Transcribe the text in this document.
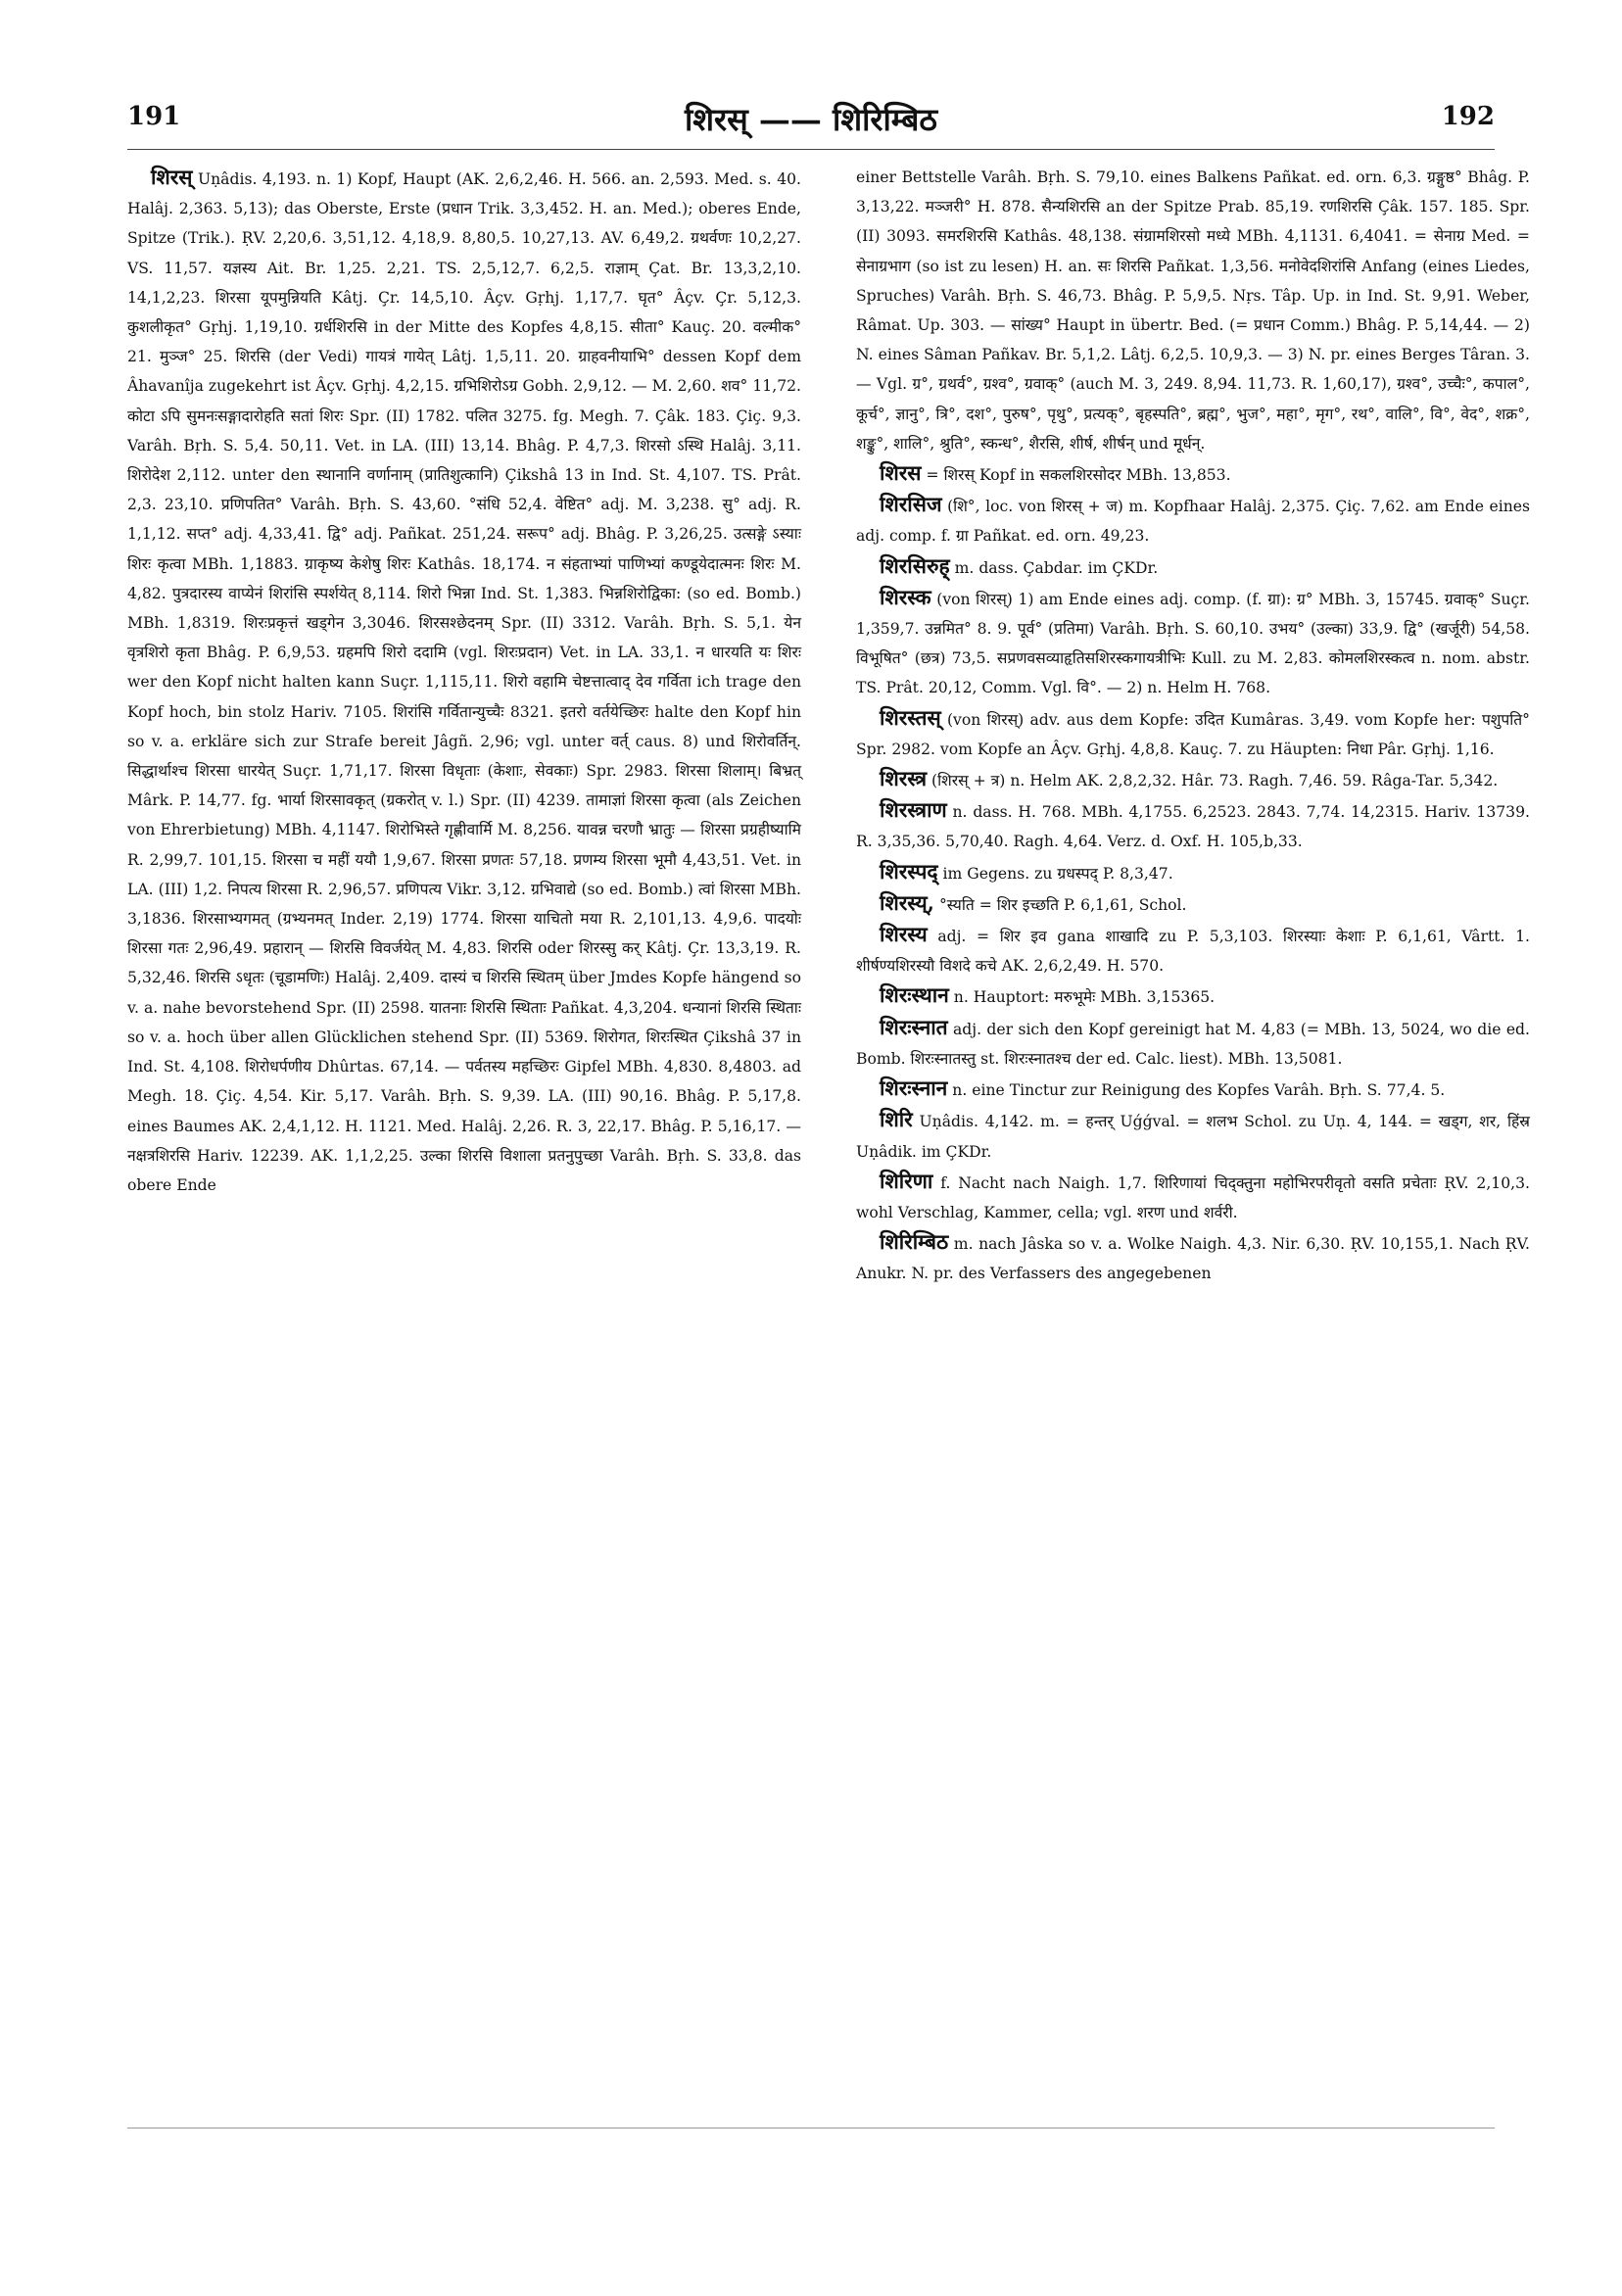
191	शिरस् —— शिरिम्बिठ	192

शिरस् Uṇâdis. 4,193. n. 1) Kopf, Haupt (AK. 2,6,2,46. H. 566. an. 2,593. Med. s. 40. Halâj. 2,363. 5,13); das Oberste, Erste (प्रधान Trik. 3,3,452. H. an. Med.); oberes Ende, Spitze (Trik.). ṚV. 2,20,6. 3,51,12. 4,18,9. 8,80,5. 10,27,13. AV. 6,49,2. ग्रथर्वणः 10,2,27. VS. 11,57. यज्ञस्य Ait. Br. 1,25. 2,21. TS. 2,5,12,7. 6,2,5. राज्ञाम् Çat. Br. 13,3,2,10. 14,1,2,23. शिरसा यूपमुन्नियति Kâtj. Çr. 14,5,10. Âçv. Gṛhj. 1,17,7. घृत° Âçv. Çr. 5,12,3. कुशलीकृत° Gṛhj. 1,19,10. ग्रर्धशिरसि in der Mitte des Kopfes 4,8,15. सीता° Kauç. 20. वल्मीक° 21. मुञ्ज° 25. शिरसि (der Vedi) गायत्रं गायेत् Lâtj. 1,5,11. 20. ग्राहवनीयाभि° dessen Kopf dem Âhavanîja zugekehrt ist Âçv. Gṛhj. 4,2,15. ग्रभिशिरोऽग्र Gobh. 2,9,12. — M. 2,60. शव° 11,72. कोटा ऽपि सुमनःसङ्गादारोहति सतां शिरः Spr. (II) 1782. पलित 3275. fg. Megh. 7. Çâk. 183. Çiç. 9,3. Varâh. Bṛh. S. 5,4. 50,11. Vet. in LA. (III) 13,14. Bhâg. P. 4,7,3. शिरसो ऽस्थि Halâj. 3,11. शिरोदेश 2,112. unter den स्थानानि वर्णानाम् (प्रातिशुत्कानि) Çikshâ 13 in Ind. St. 4,107. TS. Prât. 2,3. 23,10. प्रणिपतित° Varâh. Bṛh. S. 43,60. °संधि 52,4. वेष्टित° adj. M. 3,238. सु° adj. R. 1,1,12. सप्त° adj. 4,33,41. द्वि° adj. Pañkat. 251,24. सरूप° adj. Bhâg. P. 3,26,25. उत्सङ्गे ऽस्याः शिरः कृत्वा MBh. 1,1883. ग्राकृष्य केशेषु शिरः Kathâs. 18,174. न संहताभ्यां पाणिभ्यां कण्डूयेदात्मनः शिरः M. 4,82. पुत्रदारस्य वाप्येनं शिरांसि स्पर्शयेत् 8,114. शिरो भिन्ना Ind. St. 1,383. भिन्नशिरोद्विका: (so ed. Bomb.) MBh. 1,8319. शिरःप्रकृत्तं खड्गेन 3,3046. शिरसश्छेदनम् Spr. (II) 3312. Varâh. Bṛh. S. 5,1. येन वृत्रशिरो कृता Bhâg. P. 6,9,53. ग्रहमपि शिरो ददामि (vgl. शिरःप्रदान) Vet. in LA. 33,1. न धारयति यः शिरः wer den Kopf nicht halten kann Suçr. 1,115,11. शिरो वहामि चेष्टत्तात्वाद् देव गर्विता ich trage den Kopf hoch, bin stolz Hariv. 7105. शिरांसि गर्वितान्युच्चैः 8321. इतरो वर्तयेच्छिरः halte den Kopf hin so v. a. erkläre sich zur Strafe bereit Jâgñ. 2,96; vgl. unter वर्त् caus. 8) und शिरोवर्तिन्. सिद्धार्थाश्च शिरसा धारयेत् Suçr. 1,71,17. शिरसा विधृताः (केशाः, सेवकाः) Spr. 2983. शिरसा शिलाम्। बिभ्रत् Mârk. P. 14,77. fg. भार्या शिरसावकृत् (ग्रकरोत् v. l.) Spr. (II) 4239. तामाज्ञां शिरसा कृत्वा (als Zeichen von Ehrerbietung) MBh. 4,1147. शिरोभिस्ते गृह्णीवार्मि M. 8,256. यावन्न चरणौ भ्रातुः — शिरसा प्रग्रहीष्यामि R. 2,99,7. 101,15. शिरसा च महीं ययौ 1,9,67. शिरसा प्रणतः 57,18. प्रणम्य शिरसा भूमौ 4,43,51. Vet. in LA. (III) 1,2. निपत्य शिरसा R. 2,96,57. प्रणिपत्य Vikr. 3,12. ग्रभिवाद्ये (so ed. Bomb.) त्वां शिरसा MBh. 3,1836. शिरसाभ्यगमत् (ग्रभ्यनमत् Inder. 2,19) 1774. शिरसा याचितो मया R. 2,101,13. 4,9,6. पादयोः शिरसा गतः 2,96,49. प्रहारान् — शिरसि विवर्जयेत् M. 4,83. शिरसि oder शिरस्सु कर् Kâtj. Çr. 13,3,19. R. 5,32,46. शिरसि ऽधृतः (चूडामणिः) Halâj. 2,409. दास्यं च शिरसि स्थितम् über Jmdes Kopfe hängend so v. a. nahe bevorstehend Spr. (II) 2598. यातनाः शिरसि स्थिताः Pañkat. 4,3,204. धन्यानां शिरसि स्थिताः so v. a. hoch über allen Glücklichen stehend Spr. (II) 5369. शिरोगत, शिरःस्थित Çikshâ 37 in Ind. St. 4,108. शिरोधर्पणीय Dhûrtas. 67,14. — पर्वतस्य महच्छिरः Gipfel MBh. 4,830. 8,4803. ad Megh. 18. Çiç. 4,54. Kir. 5,17. Varâh. Bṛh. S. 9,39. LA. (III) 90,16. Bhâg. P. 5,17,8. eines Baumes AK. 2,4,1,12. H. 1121. Med. Halâj. 2,26. R. 3, 22,17. Bhâg. P. 5,16,17. — नक्षत्रशिरसि Hariv. 12239. AK. 1,1,2,25. उल्का शिरसि विशाला प्रतनुपुच्छा Varâh. Bṛh. S. 33,8. das obere Ende

einer Bettstelle Varâh. Bṛh. S. 79,10. eines Balkens Pañkat. ed. orn. 6,3. ग्रङ्गुष्ठ° Bhâg. P. 3,13,22. मञ्जरी° H. 878. सैन्यशिरसि an der Spitze Prab. 85,19. रणशिरसि Çâk. 157. 185. Spr. (II) 3093. समरशिरसि Kathâs. 48,138. संग्रामशिरसो मध्ये MBh. 4,1131. 6,4041. = सेनाग्र Med. = सेनाग्रभाग (so ist zu lesen) H. an. सः शिरसि Pañkat. 1,3,56. मनोवेदशिरांसि Anfang (eines Liedes, Spruches) Varâh. Bṛh. S. 46,73. Bhâg. P. 5,9,5. Nṛs. Tâp. Up. in Ind. St. 9,91. Weber, Râmat. Up. 303. — सांख्य° Haupt in übertr. Bed. (= प्रधान Comm.) Bhâg. P. 5,14,44. — 2) N. eines Sâman Pañkav. Br. 5,1,2. Lâtj. 6,2,5. 10,9,3. — 3) N. pr. eines Berges Târan. 3. — Vgl. ग्र°, ग्रथर्व°, ग्रश्व°, ग्रवाक्° (auch M. 3, 249. 8,94. 11,73. R. 1,60,17), ग्रश्व°, उच्चैः°, कपाल°, कूर्च°, ज्ञानु°, त्रि°, दश°, पुरुष°, पृथु°, प्रत्यक्°, बृहस्पति°, ब्रह्म°, भुज°, महा°, मृग°, रथ°, वालि°, वि°, वेद°, शक्र°, शङ्कु°, शालि°, श्रुति°, स्कन्ध°, शैरसि, शीर्ष, शीर्षन् und मूर्धन्.

शिरस = शिरस् Kopf in सकलशिरसोदर MBh. 13,853.

शिरसिज (शि°, loc. von शिरस् + ज) m. Kopfhaar Halâj. 2,375. Çiç. 7,62. am Ende eines adj. comp. f. ग्रा Pañkat. ed. orn. 49,23.

शिरसिरुह् m. dass. Çabdar. im ÇKDr.

शिरस्क (von शिरस्) 1) am Ende eines adj. comp. (f. ग्रा): ग्र° MBh. 3, 15745. ग्रवाक्° Suçr. 1,359,7. उन्नमित° 8. 9. पूर्व° (प्रतिमा) Varâh. Bṛh. S. 60,10. उभय° (उल्का) 33,9. द्वि° (खर्जूरी) 54,58. विभूषित° (छत्र) 73,5. सप्रणवसव्याहृतिसशिरस्कगायत्रीभिः Kull. zu M. 2,83. कोमलशिरस्कत्व n. nom. abstr. TS. Prât. 20,12, Comm. Vgl. वि°. — 2) n. Helm H. 768.

शिरस्तस् (von शिरस्) adv. aus dem Kopfe: उदित Kumâras. 3,49. vom Kopfe her: पशुपति° Spr. 2982. vom Kopfe an Âçv. Gṛhj. 4,8,8. Kauç. 7. zu Häupten: निधा Pâr. Gṛhj. 1,16.

शिरस्त्र (शिरस् + त्र) n. Helm AK. 2,8,2,32. Hâr. 73. Ragh. 7,46. 59. Râga-Tar. 5,342.

शिरस्त्राण n. dass. H. 768. MBh. 4,1755. 6,2523. 2843. 7,74. 14,2315. Hariv. 13739. R. 3,35,36. 5,70,40. Ragh. 4,64. Verz. d. Oxf. H. 105,b,33.

शिरस्पद् im Gegens. zu ग्रधस्पद् P. 8,3,47.

शिरस्य्, °स्यति = शिर इच्छति P. 6,1,61, Schol.

शिरस्य adj. = शिर इव gana शाखादि zu P. 5,3,103. शिरस्याः केशाः P. 6,1,61, Vârtt. 1. शीर्षण्यशिरस्यौ विशदे कचे AK. 2,6,2,49. H. 570.

शिरःस्थान n. Hauptort: मरुभूमेः MBh. 3,15365.

शिरःस्नात adj. der sich den Kopf gereinigt hat M. 4,83 (= MBh. 13, 5024, wo die ed. Bomb. शिरःस्नातस्तु st. शिरःस्नातश्च der ed. Calc. liest). MBh. 13,5081.

शिरःस्नान n. eine Tinctur zur Reinigung des Kopfes Varâh. Bṛh. S. 77,4. 5.

शिरि Uṇâdis. 4,142. m. = हन्तर् Uǵǵval. = शलभ Schol. zu Uṇ. 4, 144. = खड्ग, शर, हिंस्र Uṇâdik. im ÇKDr.

शिरिणा f. Nacht nach Naigh. 1,7. शिरिणायां चिद्क्तुना महोभिरपरीवृतो वसति प्रचेताः ṚV. 2,10,3. wohl Verschlag, Kammer, cella; vgl. शरण und शर्वरी.

शिरिम्बिठ m. nach Jâska so v. a. Wolke Naigh. 4,3. Nir. 6,30. ṚV. 10,155,1. Nach ṚV. Anukr. N. pr. des Verfassers des angegebenen
